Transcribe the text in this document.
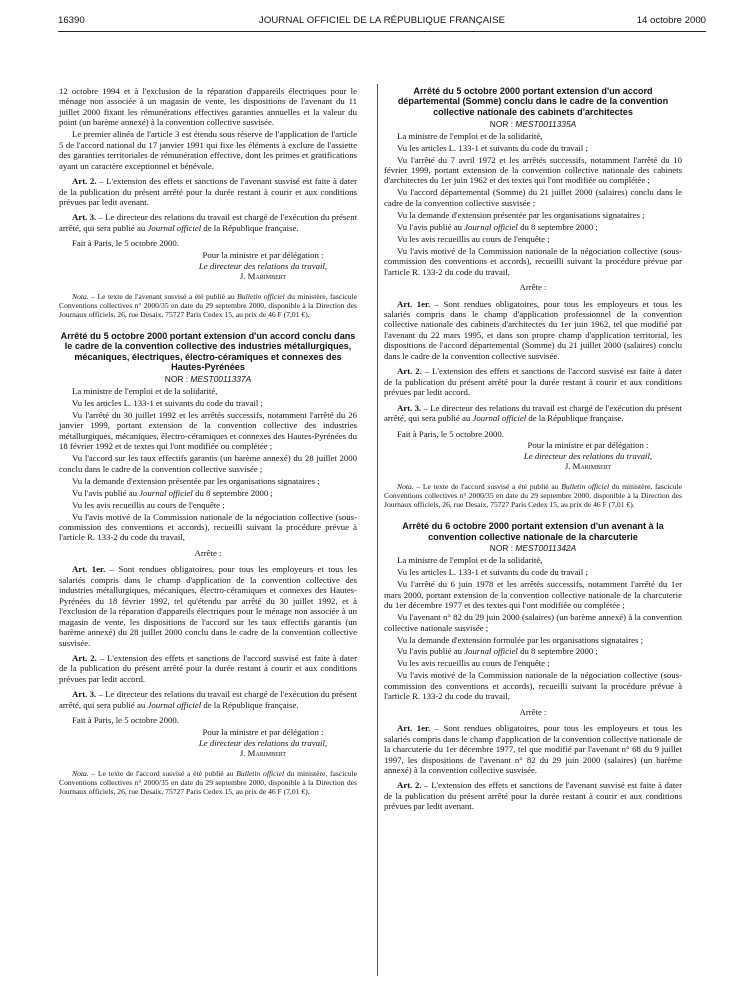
16390	JOURNAL OFFICIEL DE LA RÉPUBLIQUE FRANÇAISE	14 octobre 2000

12 octobre 1994 et à l'exclusion de la réparation d'appareils électriques pour le ménage non associée à un magasin de vente, les dispositions de l'avenant du 11 juillet 2000 fixant les rémunérations effectives garanties annuelles et la valeur du point (un barème annexé) à la convention collective susvisée.

Le premier alinéa de l'article 3 est étendu sous réserve de l'application de l'article 5 de l'accord national du 17 janvier 1991 qui fixe les éléments à exclure de l'assiette des garanties territoriales de rémunération effective, dont les primes et gratifications ayant un caractère exceptionnel et bénévole.

Art. 2. – L'extension des effets et sanctions de l'avenant susvisé est faite à dater de la publication du présent arrêté pour la durée restant à courir et aux conditions prévues par ledit avenant.

Art. 3. – Le directeur des relations du travail est chargé de l'exécution du présent arrêté, qui sera publié au Journal officiel de la République française.

Fait à Paris, le 5 octobre 2000.

Pour la ministre et par délégation :

Le directeur des relations du travail,

J. Marimbert

Nota. – Le texte de l'avenant susvisé a été publié au Bulletin officiel du ministère, fascicule Conventions collectives n° 2000/35 en date du 29 septembre 2000, disponible à la Direction des Journaux officiels, 26, rue Desaix, 75727 Paris Cedex 15, au prix de 46 F (7,01 €).

Arrêté du 5 octobre 2000 portant extension d'un accord conclu dans le cadre de la convention collective des industries métallurgiques, mécaniques, électriques, électro-céramiques et connexes des Hautes-Pyrénées

NOR : MEST0011337A

La ministre de l'emploi et de la solidarité,

Vu les articles L. 133-1 et suivants du code du travail ;

Vu l'arrêté du 30 juillet 1992 et les arrêtés successifs, notamment l'arrêté du 26 janvier 1999, portant extension de la convention collective des industries métallurgiques, mécaniques, électro-céramiques et connexes des Hautes-Pyrénées du 18 février 1992 et de textes qui l'ont modifiée ou complétée ;

Vu l'accord sur les taux effectifs garantis (un barème annexé) du 28 juillet 2000 conclu dans le cadre de la convention collective susvisée ;

Vu la demande d'extension présentée par les organisations signataires ;

Vu l'avis publié au Journal officiel du 8 septembre 2000 ;

Vu les avis recueillis au cours de l'enquête ;

Vu l'avis motivé de la Commission nationale de la négociation collective (sous-commission des conventions et accords), recueilli suivant la procédure prévue à l'article R. 133-2 du code du travail,

Arrête :

Art. 1er. – Sont rendues obligatoires, pour tous les employeurs et tous les salariés compris dans le champ d'application de la convention collective des industries métallurgiques, mécaniques, électro-céramiques et connexes des Hautes-Pyrénées du 18 février 1992, tel qu'étendu par arrêté du 30 juillet 1992, et à l'exclusion de la réparation d'appareils électriques pour le ménage non associée à un magasin de vente, les dispositions de l'accord sur les taux effectifs garantis (un barème annexé) du 28 juillet 2000 conclu dans le cadre de la convention collective susvisée.

Art. 2. – L'extension des effets et sanctions de l'accord susvisé est faite à dater de la publication du présent arrêté pour la durée restant à courir et aux conditions prévues par ledit accord.

Art. 3. – Le directeur des relations du travail est chargé de l'exécution du présent arrêté, qui sera publié au Journal officiel de la République française.

Fait à Paris, le 5 octobre 2000.

Pour la ministre et par délégation :

Le directeur des relations du travail,

J. Marimbert

Nota. – Le texte de l'accord susvisé a été publié au Bulletin officiel du ministère, fascicule Conventions collectives n° 2000/35 en date du 29 septembre 2000, disponible à la Direction des Journaux officiels, 26, rue Desaix, 75727 Paris Cedex 15, au prix de 46 F (7,01 €).

Arrêté du 5 octobre 2000 portant extension d'un accord départemental (Somme) conclu dans le cadre de la convention collective nationale des cabinets d'architectes

NOR : MEST0011335A

La ministre de l'emploi et de la solidarité,

Vu les articles L. 133-1 et suivants du code du travail ;

Vu l'arrêté du 7 avril 1972 et les arrêtés successifs, notamment l'arrêté du 10 février 1999, portant extension de la convention collective nationale des cabinets d'architectes du 1er juin 1962 et des textes qui l'ont modifiée ou complétée ;

Vu l'accord départemental (Somme) du 21 juillet 2000 (salaires) conclu dans le cadre de la convention collective susvisée ;

Vu la demande d'extension présentée par les organisations signataires ;

Vu l'avis publié au Journal officiel du 8 septembre 2000 ;

Vu les avis recueillis au cours de l'enquête ;

Vu l'avis motivé de la Commission nationale de la négociation collective (sous-commission des conventions et accords), recueilli suivant la procédure prévue par l'article R. 133-2 du code du travail,

Arrête :

Art. 1er. – Sont rendues obligatoires, pour tous les employeurs et tous les salariés compris dans le champ d'application professionnel de la convention collective nationale des cabinets d'architectes du 1er juin 1962, tel que modifié par l'avenant du 22 mars 1995, et dans son propre champ d'application territorial, les dispositions de l'accord départemental (Somme) du 21 juillet 2000 (salaires) conclu dans le cadre de la convention collective susvisée.

Art. 2. – L'extension des effets et sanctions de l'accord susvisé est faite à dater de la publication du présent arrêté pour la durée restant à courir et aux conditions prévues par ledit accord.

Art. 3. – Le directeur des relations du travail est chargé de l'exécution du présent arrêté, qui sera publié au Journal officiel de la République française.

Fait à Paris, le 5 octobre 2000.

Pour la ministre et par délégation :

Le directeur des relations du travail,

J. Marimbert

Nota. – Le texte de l'accord susvisé a été publié au Bulletin officiel du ministère, fascicule Conventions collectives n° 2000/35 en date du 29 septembre 2000, disponible à la Direction des Journaux officiels, 26, rue Desaix, 75727 Paris Cedex 15, au prix de 46 F (7,01 €).

Arrêté du 6 octobre 2000 portant extension d'un avenant à la convention collective nationale de la charcuterie

NOR : MEST0011342A

La ministre de l'emploi et de la solidarité,

Vu les articles L. 133-1 et suivants du code du travail ;

Vu l'arrêté du 6 juin 1978 et les arrêtés successifs, notamment l'arrêté du 1er mars 2000, portant extension de la convention collective nationale de la charcuterie du 1er décembre 1977 et des textes qui l'ont modifiée ou complétée ;

Vu l'avenant n° 82 du 29 juin 2000 (salaires) (un barème annexé) à la convention collective nationale susvisée ;

Vu la demande d'extension formulée par les organisations signataires ;

Vu l'avis publié au Journal officiel du 8 septembre 2000 ;

Vu les avis recueillis au cours de l'enquête ;

Vu l'avis motivé de la Commission nationale de la négociation collective (sous-commission des conventions et accords), recueilli suivant la procédure prévue à l'article R. 133-2 du code du travail,

Arrête :

Art. 1er. – Sont rendues obligatoires, pour tous les employeurs et tous les salariés compris dans le champ d'application de la convention collective nationale de la charcuterie du 1er décembre 1977, tel que modifié par l'avenant n° 68 du 9 juillet 1997, les dispositions de l'avenant n° 82 du 29 juin 2000 (salaires) (un barème annexé) à la convention collective susvisée.

Art. 2. – L'extension des effets et sanctions de l'avenant susvisé est faite à dater de la publication du présent arrêté pour la durée restant à courir et aux conditions prévues par ledit avenant.
